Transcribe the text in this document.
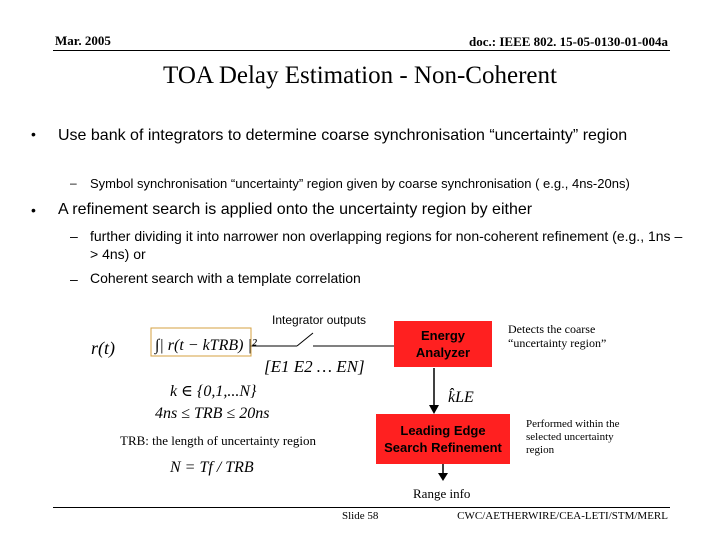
Mar. 2005	doc.: IEEE 802. 15-05-0130-01-004a
TOA Delay Estimation - Non-Coherent
• Use bank of integrators to determine coarse synchronisation “uncertainty” region
– Symbol synchronisation “uncertainty” region given by coarse synchronisation ( e.g., 4ns-20ns)
• A refinement search is applied onto the uncertainty region by either
– further dividing it into narrower non overlapping regions for non-coherent refinement (e.g., 1ns –> 4ns) or
– Coherent search with a template correlation
r(t)	∫| r(t − kTRB) |²
[E1 E2 … EN]
k ∈ {0,1,...N}
4ns ≤ TRB ≤ 20ns
N = Tf / TRB
k̂LE
Integrator outputs
Energy Analyzer
Detects the coarse “uncertainty region”
Leading Edge Search Refinement
Performed within the selected uncertainty region
TRB: the length of uncertainty region
Range info
Slide 58	CWC/AETHERWIRE/CEA-LETI/STM/MERL
